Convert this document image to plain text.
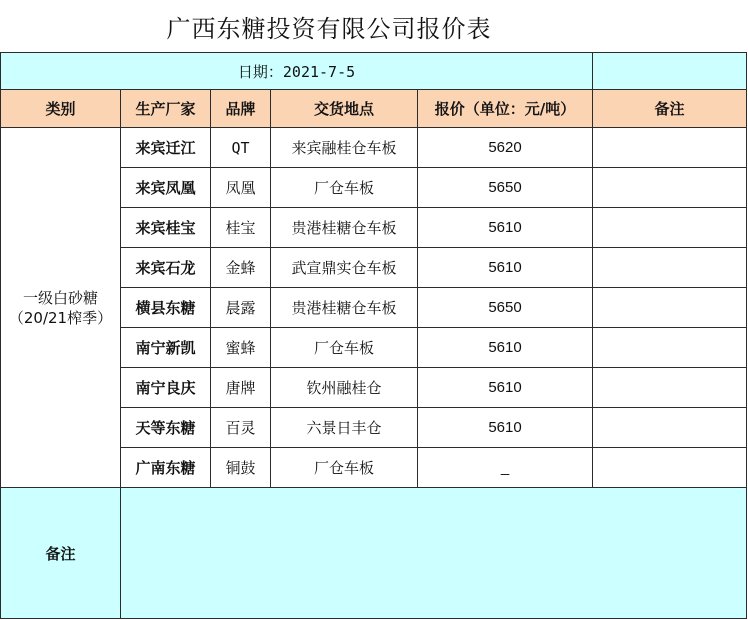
广西东糖投资有限公司报价表
日期：2021-7-5					
类别	生产厂家	品牌	交货地点	报价（单位：元/吨）	备注

一级白砂糖
（20/21榨季）	来宾迁江	QT	来宾融桂仓车板	5620	
	来宾凤凰	凤凰	厂仓车板	5650	
	来宾桂宝	桂宝	贵港桂糖仓车板	5610	
	来宾石龙	金蜂	武宣鼎实仓车板	5610	
	横县东糖	晨露	贵港桂糖仓车板	5650	
	南宁新凯	蜜蜂	厂仓车板	5610	
	南宁良庆	唐牌	钦州融桂仓	5610	
	天等东糖	百灵	六景日丰仓	5610	
	广南东糖	铜鼓	厂仓车板	_	
备注					
